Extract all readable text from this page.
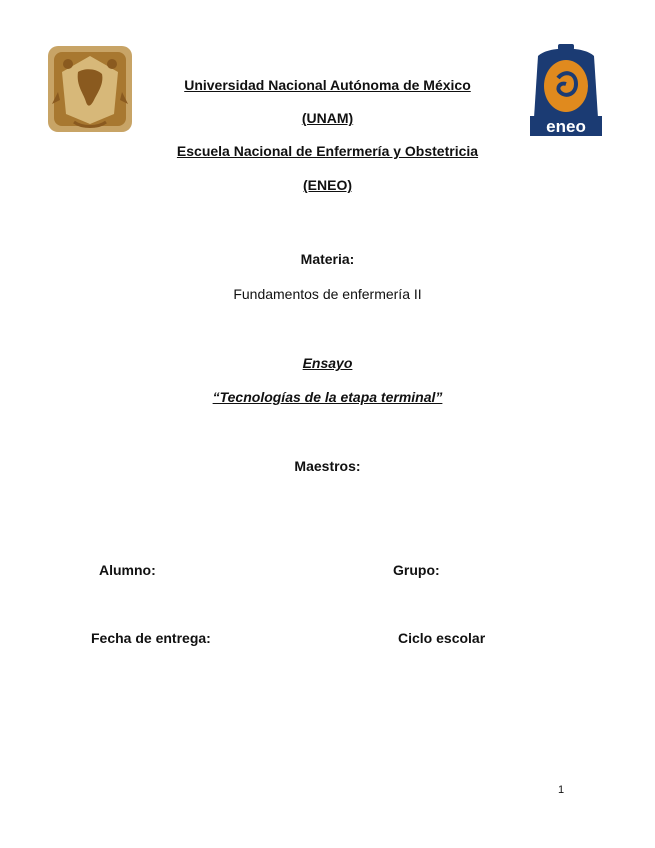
eneo
Universidad Nacional Autónoma de México
(UNAM)
Escuela Nacional de Enfermería y Obstetricia
(ENEO)
Materia:
Fundamentos de enfermería II
Ensayo
“Tecnologías de la etapa terminal”
Maestros:
Alumno:	Grupo:
Fecha de entrega:	Ciclo escolar
1
